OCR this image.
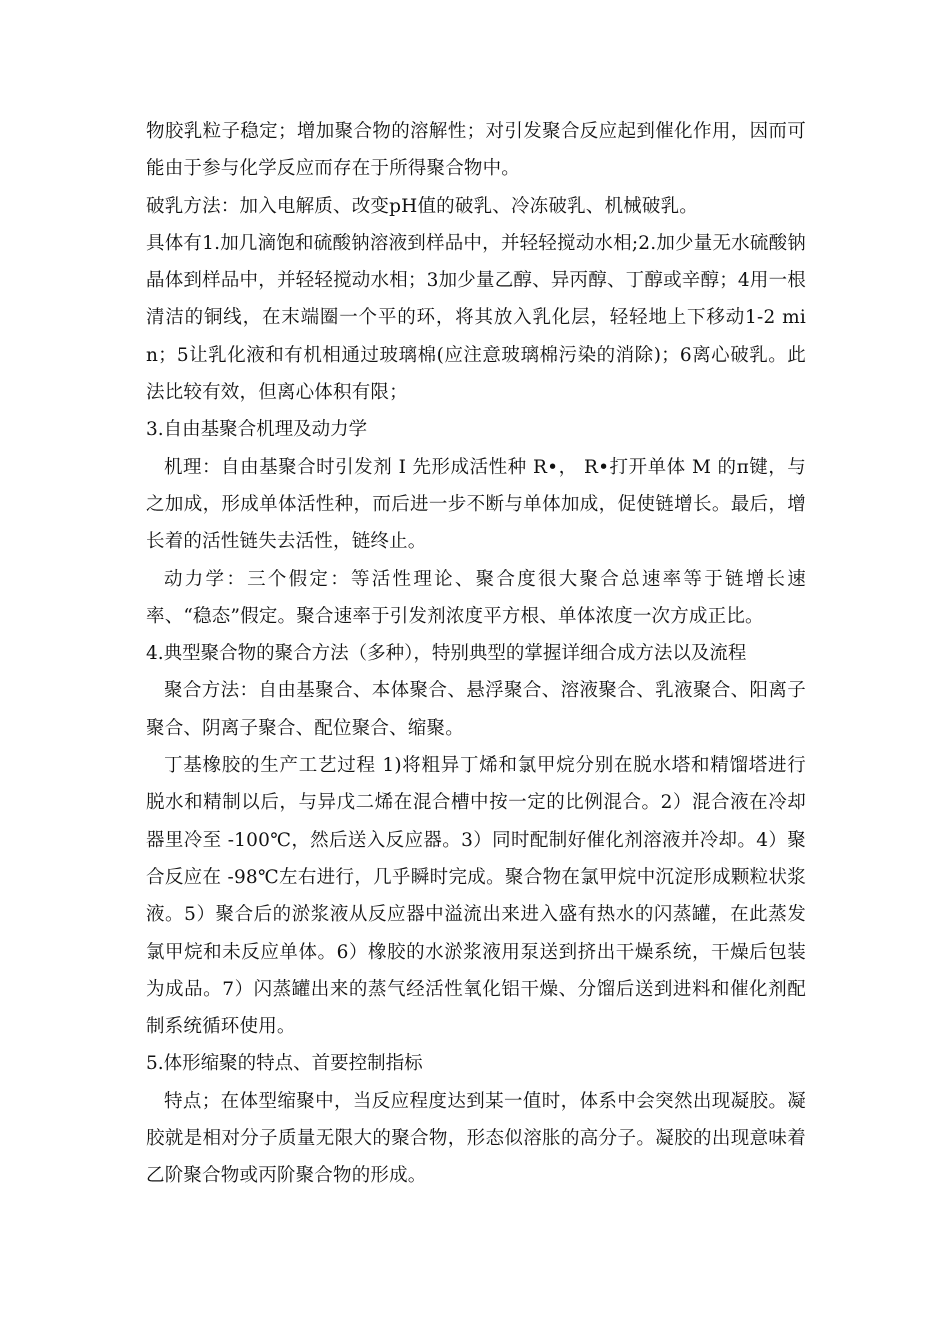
物胶乳粒子稳定；增加聚合物的溶解性；对引发聚合反应起到催化作用，因而可能由于参与化学反应而存在于所得聚合物中。

破乳方法：加入电解质、改变pH值的破乳、冷冻破乳、机械破乳。

具体有1.加几滴饱和硫酸钠溶液到样品中，并轻轻搅动水相;2.加少量无水硫酸钠晶体到样品中，并轻轻搅动水相；3加少量乙醇、异丙醇、丁醇或辛醇；4用一根清洁的铜线，在末端圈一个平的环，将其放入乳化层，轻轻地上下移动1-2 min；5让乳化液和有机相通过玻璃棉(应注意玻璃棉污染的消除)；6离心破乳。此法比较有效，但离心体积有限；

3.自由基聚合机理及动力学

机理：自由基聚合时引发剂 I 先形成活性种 R•， R•打开单体 M 的π键，与之加成，形成单体活性种，而后进一步不断与单体加成，促使链增长。最后，增长着的活性链失去活性，链终止。

动力学：三个假定：等活性理论、聚合度很大聚合总速率等于链增长速率、“稳态”假定。聚合速率于引发剂浓度平方根、单体浓度一次方成正比。

4.典型聚合物的聚合方法（多种），特别典型的掌握详细合成方法以及流程

聚合方法：自由基聚合、本体聚合、悬浮聚合、溶液聚合、乳液聚合、阳离子聚合、阴离子聚合、配位聚合、缩聚。

丁基橡胶的生产工艺过程 1)将粗异丁烯和氯甲烷分别在脱水塔和精馏塔进行脱水和精制以后，与异戊二烯在混合槽中按一定的比例混合。2）混合液在冷却器里冷至 -100℃，然后送入反应器。3）同时配制好催化剂溶液并冷却。4）聚合反应在 -98℃左右进行，几乎瞬时完成。聚合物在氯甲烷中沉淀形成颗粒状浆液。5）聚合后的淤浆液从反应器中溢流出来进入盛有热水的闪蒸罐，在此蒸发氯甲烷和未反应单体。6）橡胶的水淤浆液用泵送到挤出干燥系统，干燥后包装为成品。7）闪蒸罐出来的蒸气经活性氧化铝干燥、分馏后送到进料和催化剂配制系统循环使用。

5.体形缩聚的特点、首要控制指标

特点；在体型缩聚中，当反应程度达到某一值时，体系中会突然出现凝胶。凝胶就是相对分子质量无限大的聚合物，形态似溶胀的高分子。凝胶的出现意味着乙阶聚合物或丙阶聚合物的形成。
